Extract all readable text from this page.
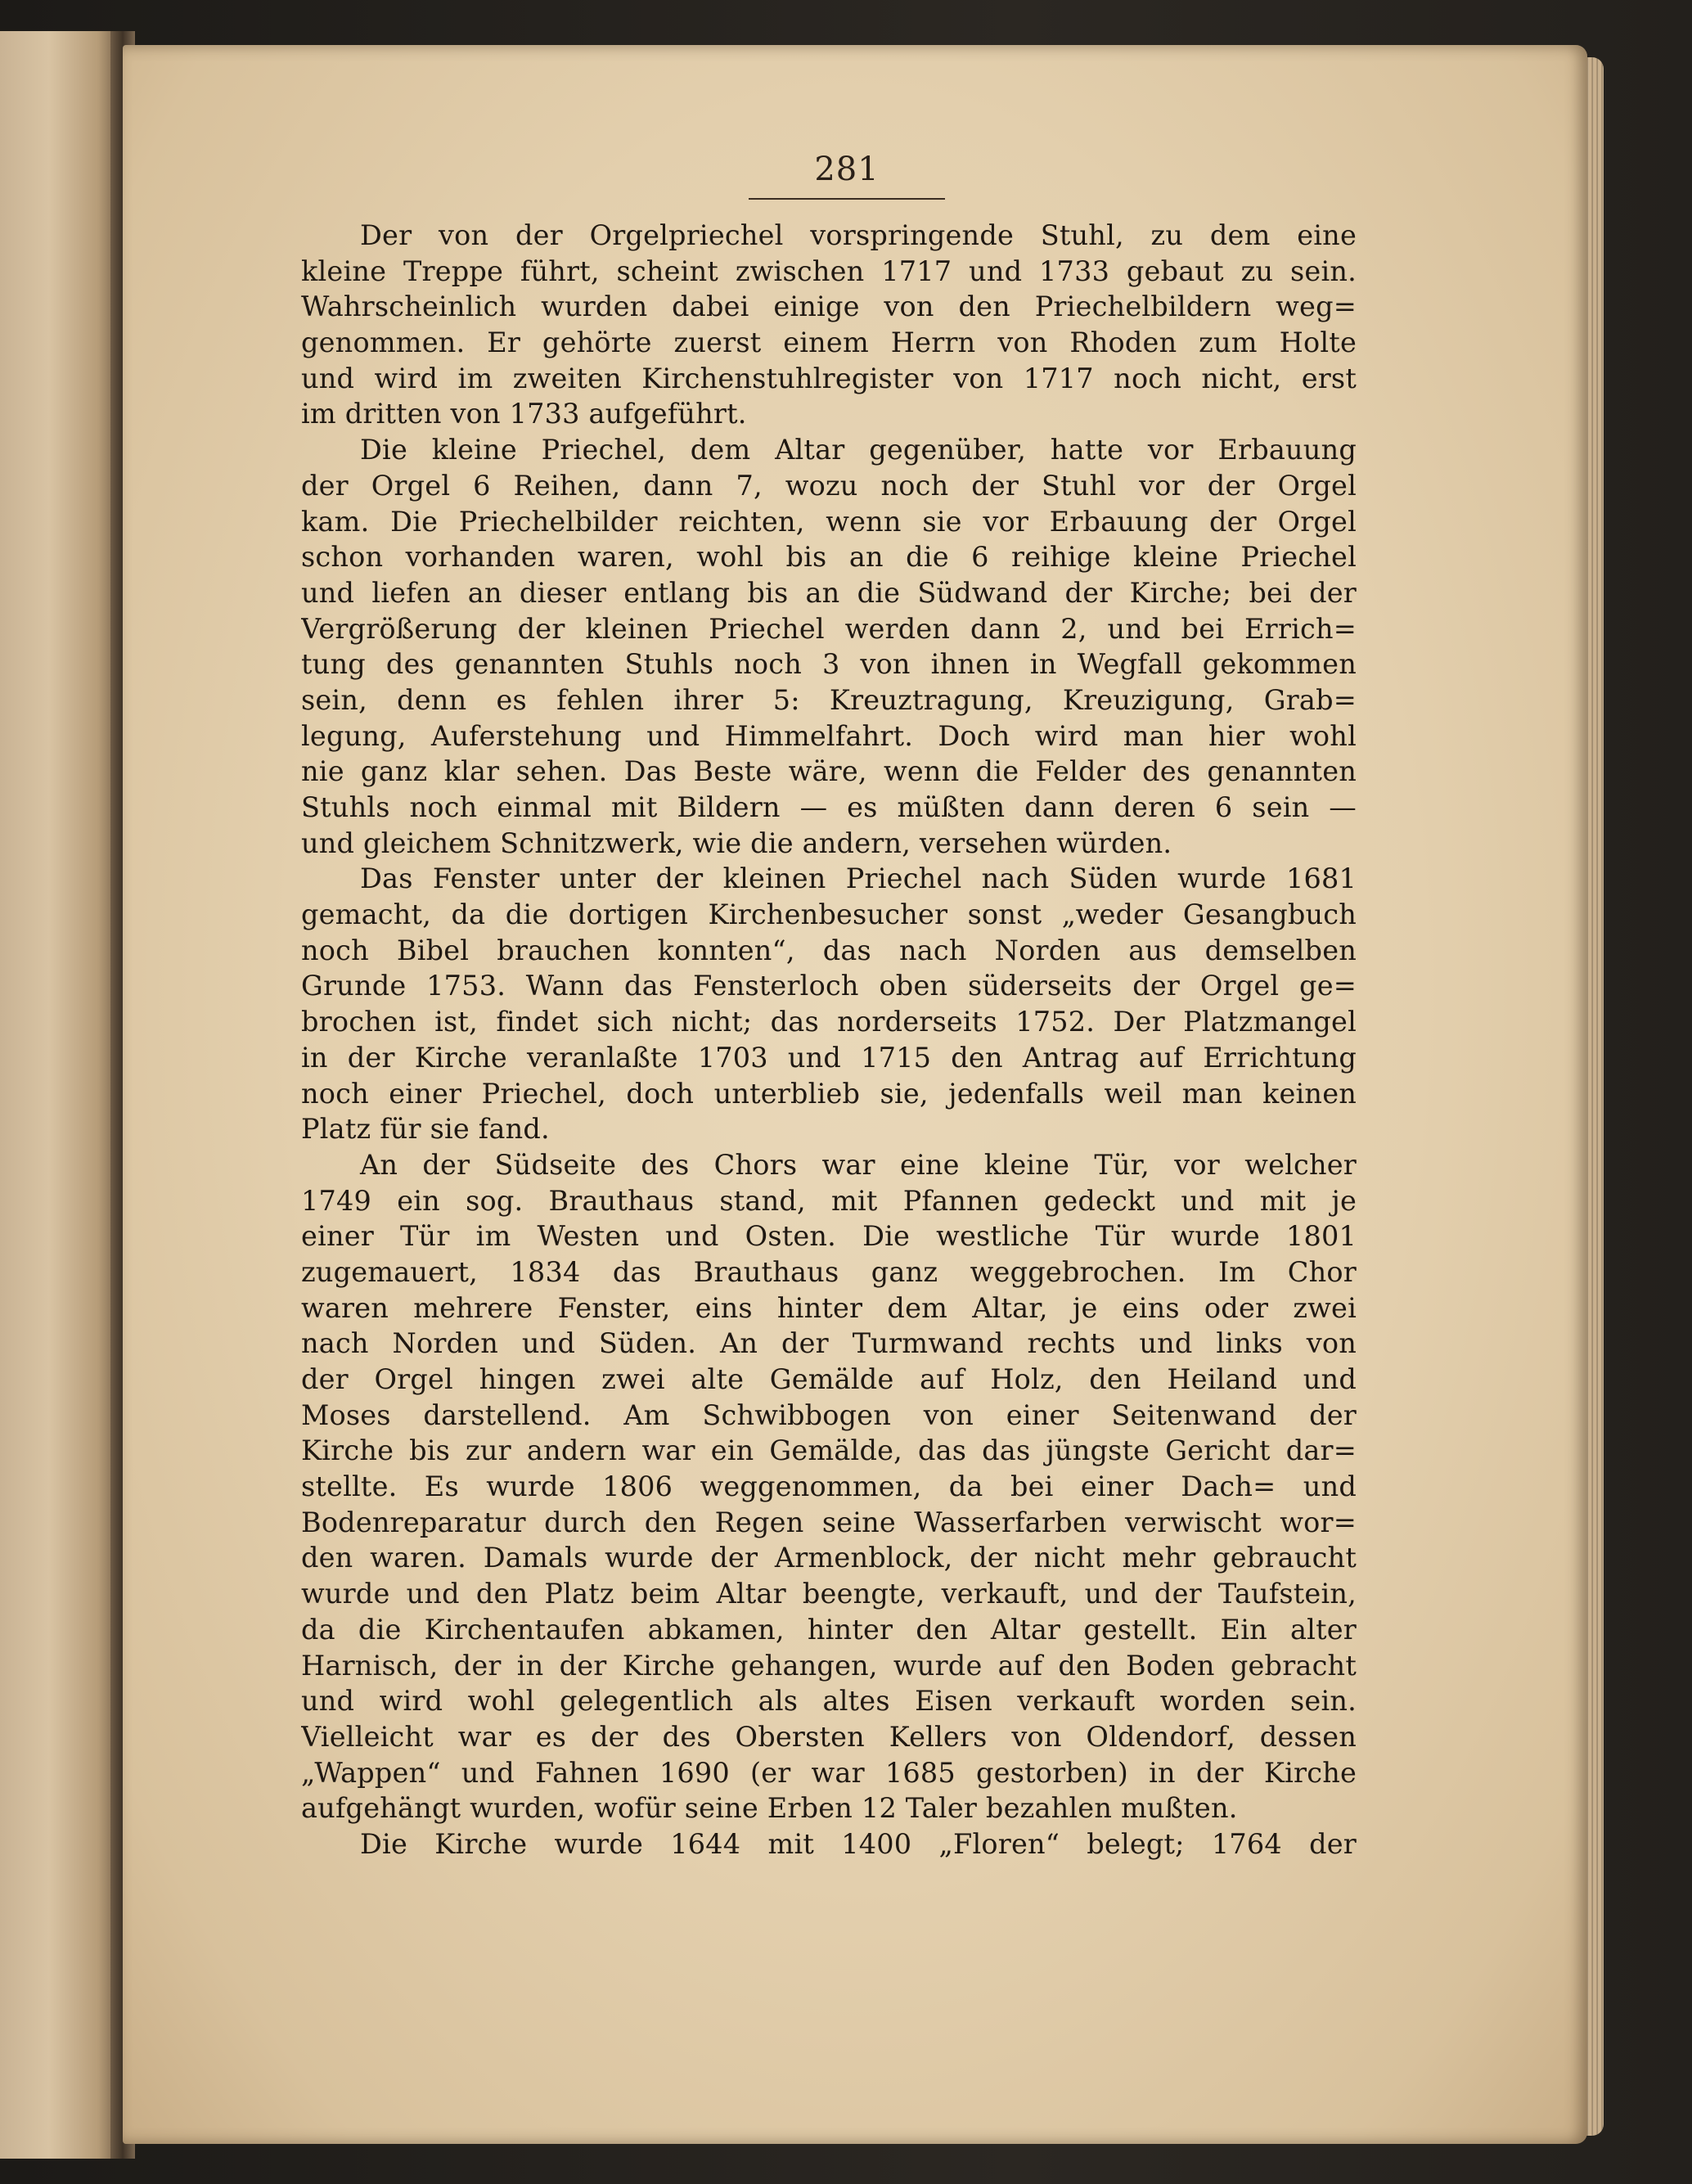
281
Der von der Orgelpriechel vorspringende Stuhl, zu dem eine
kleine Treppe führt, scheint zwischen 1717 und 1733 gebaut zu sein.
Wahrscheinlich wurden dabei einige von den Priechelbildern weg=
genommen. Er gehörte zuerst einem Herrn von Rhoden zum Holte
und wird im zweiten Kirchenstuhlregister von 1717 noch nicht, erst
im dritten von 1733 aufgeführt.
Die kleine Priechel, dem Altar gegenüber, hatte vor Erbauung
der Orgel 6 Reihen, dann 7, wozu noch der Stuhl vor der Orgel
kam. Die Priechelbilder reichten, wenn sie vor Erbauung der Orgel
schon vorhanden waren, wohl bis an die 6 reihige kleine Priechel
und liefen an dieser entlang bis an die Südwand der Kirche; bei der
Vergrößerung der kleinen Priechel werden dann 2, und bei Errich=
tung des genannten Stuhls noch 3 von ihnen in Wegfall gekommen
sein, denn es fehlen ihrer 5: Kreuztragung, Kreuzigung, Grab=
legung, Auferstehung und Himmelfahrt. Doch wird man hier wohl
nie ganz klar sehen. Das Beste wäre, wenn die Felder des genannten
Stuhls noch einmal mit Bildern — es müßten dann deren 6 sein —
und gleichem Schnitzwerk, wie die andern, versehen würden.
Das Fenster unter der kleinen Priechel nach Süden wurde 1681
gemacht, da die dortigen Kirchenbesucher sonst „weder Gesangbuch
noch Bibel brauchen konnten“, das nach Norden aus demselben
Grunde 1753. Wann das Fensterloch oben süderseits der Orgel ge=
brochen ist, findet sich nicht; das norderseits 1752. Der Platzmangel
in der Kirche veranlaßte 1703 und 1715 den Antrag auf Errichtung
noch einer Priechel, doch unterblieb sie, jedenfalls weil man keinen
Platz für sie fand.
An der Südseite des Chors war eine kleine Tür, vor welcher
1749 ein sog. Brauthaus stand, mit Pfannen gedeckt und mit je
einer Tür im Westen und Osten. Die westliche Tür wurde 1801
zugemauert, 1834 das Brauthaus ganz weggebrochen. Im Chor
waren mehrere Fenster, eins hinter dem Altar, je eins oder zwei
nach Norden und Süden. An der Turmwand rechts und links von
der Orgel hingen zwei alte Gemälde auf Holz, den Heiland und
Moses darstellend. Am Schwibbogen von einer Seitenwand der
Kirche bis zur andern war ein Gemälde, das das jüngste Gericht dar=
stellte. Es wurde 1806 weggenommen, da bei einer Dach= und
Bodenreparatur durch den Regen seine Wasserfarben verwischt wor=
den waren. Damals wurde der Armenblock, der nicht mehr gebraucht
wurde und den Platz beim Altar beengte, verkauft, und der Taufstein,
da die Kirchentaufen abkamen, hinter den Altar gestellt. Ein alter
Harnisch, der in der Kirche gehangen, wurde auf den Boden gebracht
und wird wohl gelegentlich als altes Eisen verkauft worden sein.
Vielleicht war es der des Obersten Kellers von Oldendorf, dessen
„Wappen“ und Fahnen 1690 (er war 1685 gestorben) in der Kirche
aufgehängt wurden, wofür seine Erben 12 Taler bezahlen mußten.
Die Kirche wurde 1644 mit 1400 „Floren“ belegt; 1764 der
